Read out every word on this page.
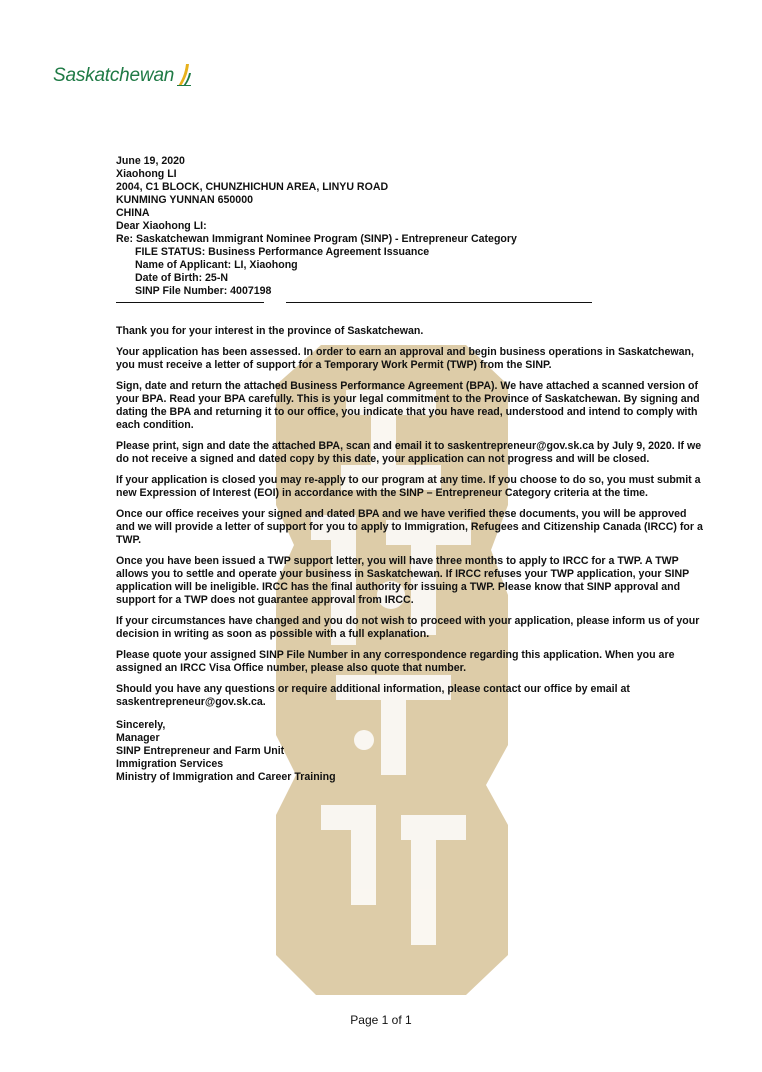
Saskatchewan

June 19, 2020

Xiaohong LI

2004, C1 BLOCK, CHUNZHICHUN AREA, LINYU ROAD

KUNMING YUNNAN 650000

CHINA

Dear Xiaohong LI:

Re: Saskatchewan Immigrant Nominee Program (SINP) - Entrepreneur Category

FILE STATUS: Business Performance Agreement Issuance

Name of Applicant: LI, Xiaohong

Date of Birth: 25-N

SINP File Number: 4007198

Thank you for your interest in the province of Saskatchewan.

Your application has been assessed. In order to earn an approval and begin business operations in Saskatchewan, you must receive a letter of support for a Temporary Work Permit (TWP) from the SINP.

Sign, date and return the attached Business Performance Agreement (BPA). We have attached a scanned version of your BPA. Read your BPA carefully. This is your legal commitment to the Province of Saskatchewan. By signing and dating the BPA and returning it to our office, you indicate that you have read, understood and intend to comply with each condition.

Please print, sign and date the attached BPA, scan and email it to saskentrepreneur@gov.sk.ca by July 9, 2020. If we do not receive a signed and dated copy by this date, your application can not progress and will be closed.

If your application is closed you may re-apply to our program at any time. If you choose to do so, you must submit a new Expression of Interest (EOI) in accordance with the SINP – Entrepreneur Category criteria at the time.

Once our office receives your signed and dated BPA and we have verified these documents, you will be approved and we will provide a letter of support for you to apply to Immigration, Refugees and Citizenship Canada (IRCC) for a TWP.

Once you have been issued a TWP support letter, you will have three months to apply to IRCC for a TWP. A TWP allows you to settle and operate your business in Saskatchewan. If IRCC refuses your TWP application, your SINP application will be ineligible. IRCC has the final authority for issuing a TWP. Please know that SINP approval and support for a TWP does not guarantee approval from IRCC.

If your circumstances have changed and you do not wish to proceed with your application, please inform us of your decision in writing as soon as possible with a full explanation.

Please quote your assigned SINP File Number in any correspondence regarding this application. When you are assigned an IRCC Visa Office number, please also quote that number.

Should you have any questions or require additional information, please contact our office by email at saskentrepreneur@gov.sk.ca.

Sincerely,

Manager

SINP Entrepreneur and Farm Unit

Immigration Services

Ministry of Immigration and Career Training

Page 1 of 1
